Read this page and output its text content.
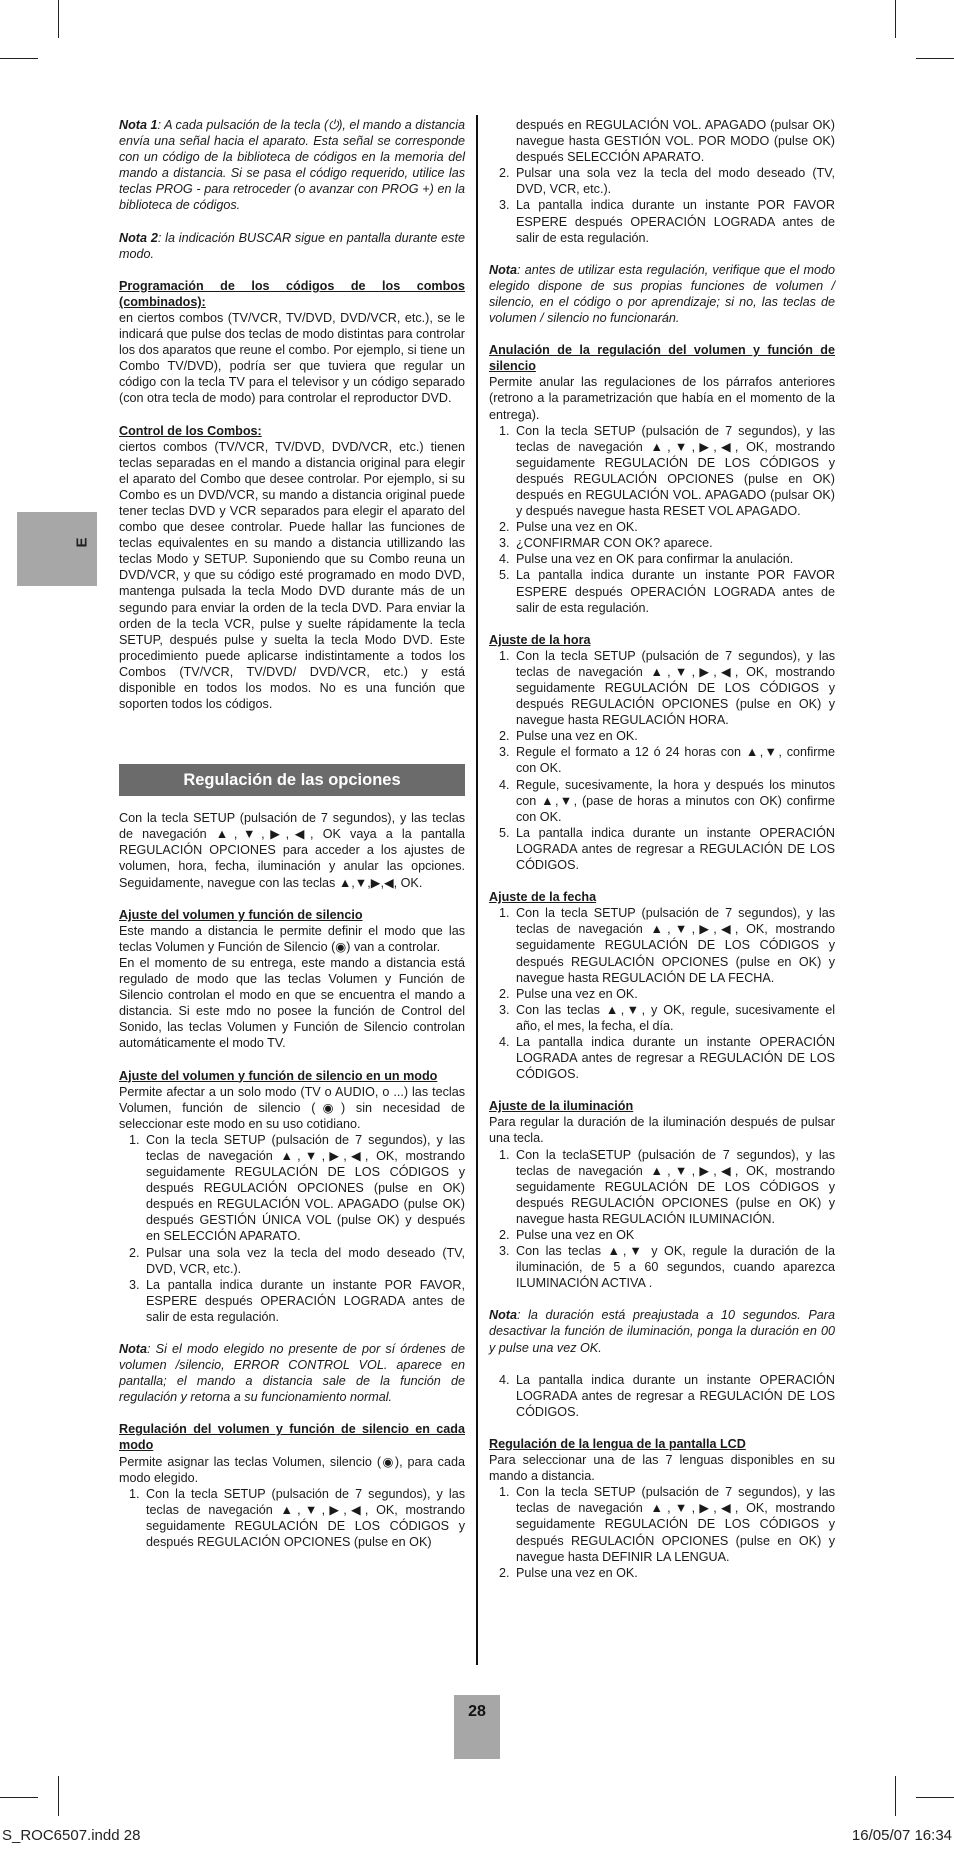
E

Nota 1: A cada pulsación de la tecla (⏻), el mando a distancia envía una señal hacia el aparato. Esta señal se corresponde con un código de la biblioteca de códigos en la memoria del mando a distancia. Si se pasa el código requerido, utilice las teclas PROG - para retroceder (o avanzar con PROG +) en la biblioteca de códigos.

Nota 2: la indicación BUSCAR sigue en pantalla durante este modo.

Programación de los códigos de los combos (combinados):

en ciertos combos (TV/VCR, TV/DVD, DVD/VCR, etc.), se le indicará que pulse dos teclas de modo distintas para controlar los dos aparatos que reune el combo. Por ejemplo, si tiene un Combo TV/DVD), podría ser que tuviera que regular un código con la tecla TV para el televisor y un código separado (con otra tecla de modo) para controlar el reproductor DVD.

Control de los Combos:

ciertos combos (TV/VCR, TV/DVD, DVD/VCR, etc.) tienen teclas separadas en el mando a distancia original para elegir el aparato del Combo que desee controlar. Por ejemplo, si su Combo es un DVD/VCR, su mando a distancia original puede tener teclas DVD y VCR separados para elegir el aparato del combo que desee controlar. Puede hallar las funciones de teclas equivalentes en su mando a distancia utillizando las teclas Modo y SETUP. Suponiendo que su Combo reuna un DVD/VCR, y que su código esté programado en modo DVD, mantenga pulsada la tecla Modo DVD durante más de un segundo para enviar la orden de la tecla DVD. Para enviar la orden de la tecla VCR, pulse y suelte rápidamente la tecla SETUP, después pulse y suelta la tecla Modo DVD. Este procedimiento puede aplicarse indistintamente a todos los Combos (TV/VCR, TV/DVD/ DVD/VCR, etc.) y está disponible en todos los modos. No es una función que soporten todos los códigos.

Regulación de las opciones

Con la tecla SETUP (pulsación de 7 segundos), y las teclas de navegación ▲,▼,▶,◀, OK vaya a la pantalla REGULACIÓN OPCIONES para acceder a los ajustes de volumen, hora, fecha, iluminación y anular las opciones. Seguidamente, navegue con las teclas ▲,▼,▶,◀, OK.

Ajuste del volumen y función de silencio

Este mando a distancia le permite definir el modo que las teclas Volumen y Función de Silencio (◉) van a controlar.

En el momento de su entrega, este mando a distancia está regulado de modo que las teclas Volumen y Función de Silencio controlan el modo en que se encuentra el mando a distancia. Si este mdo no posee la función de Control del Sonido, las teclas Volumen y Función de Silencio controlan automáticamente el modo TV.

Ajuste del volumen y función de silencio en un modo

Permite afectar a un solo modo (TV o AUDIO, o ...) las teclas Volumen, función de silencio (◉) sin necesidad de seleccionar este modo en su uso cotidiano.

1. Con la tecla SETUP (pulsación de 7 segundos), y las teclas de navegación ▲,▼,▶,◀, OK, mostrando seguidamente REGULACIÓN DE LOS CÓDIGOS y después REGULACIÓN OPCIONES (pulse en OK) después en REGULACIÓN VOL. APAGADO (pulse OK) después GESTIÓN ÚNICA VOL (pulse OK) y después en SELECCIÓN APARATO.
2. Pulsar una sola vez la tecla del modo deseado (TV, DVD, VCR, etc.).
3. La pantalla indica durante un instante POR FAVOR, ESPERE después OPERACIÓN LOGRADA antes de salir de esta regulación.

Nota: Si el modo elegido no presente de por sí órdenes de volumen /silencio, ERROR CONTROL VOL. aparece en pantalla; el mando a distancia sale de la función de regulación y retorna a su funcionamiento normal.

Regulación del volumen y función de silencio en cada modo

Permite asignar las teclas Volumen, silencio (◉), para cada modo elegido.

1. Con la tecla SETUP (pulsación de 7 segundos), y las teclas de navegación ▲,▼,▶,◀, OK, mostrando seguidamente REGULACIÓN DE LOS CÓDIGOS y después REGULACIÓN OPCIONES (pulse en OK)
después en REGULACIÓN VOL. APAGADO (pulsar OK) navegue hasta GESTIÓN VOL. POR MODO (pulse OK) después SELECCIÓN APARATO.
2. Pulsar una sola vez la tecla del modo deseado (TV, DVD, VCR, etc.).
3. La pantalla indica durante un instante POR FAVOR ESPERE después OPERACIÓN LOGRADA antes de salir de esta regulación.

Nota: antes de utilizar esta regulación, verifique que el modo elegido dispone de sus propias funciones de volumen / silencio, en el código o por aprendizaje; si no, las teclas de volumen / silencio no funcionarán.

Anulación de la regulación del volumen y función de silencio

Permite anular las regulaciones de los párrafos anteriores (retrono a la parametrización que había en el momento de la entrega).

1. Con la tecla SETUP (pulsación de 7 segundos), y las teclas de navegación ▲,▼,▶,◀, OK, mostrando seguidamente REGULACIÓN DE LOS CÓDIGOS y después REGULACIÓN OPCIONES (pulse en OK) después en REGULACIÓN VOL. APAGADO (pulsar OK) y después navegue hasta RESET VOL APAGADO.
2. Pulse una vez en OK.
3. ¿CONFIRMAR CON OK? aparece.
4. Pulse una vez en OK para confirmar la anulación.
5. La pantalla indica durante un instante POR FAVOR ESPERE después OPERACIÓN LOGRADA antes de salir de esta regulación.
Ajuste de la hora
1. Con la tecla SETUP (pulsación de 7 segundos), y las teclas de navegación ▲,▼,▶,◀, OK, mostrando seguidamente REGULACIÓN DE LOS CÓDIGOS y después REGULACIÓN OPCIONES (pulse en OK) y navegue hasta REGULACIÓN HORA.
2. Pulse una vez en OK.
3. Regule el formato a 12 ó 24 horas con ▲,▼, confirme con OK.
4. Regule, sucesivamente, la hora y después los minutos con ▲,▼, (pase de horas a minutos con OK) confirme con OK.
5. La pantalla indica durante un instante OPERACIÓN LOGRADA antes de regresar a REGULACIÓN DE LOS CÓDIGOS.
Ajuste de la fecha
1. Con la tecla SETUP (pulsación de 7 segundos), y las teclas de navegación ▲,▼,▶,◀, OK, mostrando seguidamente REGULACIÓN DE LOS CÓDIGOS y después REGULACIÓN OPCIONES (pulse en OK) y navegue hasta REGULACIÓN DE LA FECHA.
2. Pulse una vez en OK.
3. Con las teclas ▲,▼, y OK, regule, sucesivamente el año, el mes, la fecha, el día.
4. La pantalla indica durante un instante OPERACIÓN LOGRADA antes de regresar a REGULACIÓN DE LOS CÓDIGOS.
Ajuste de la iluminación

Para regular la duración de la iluminación después de pulsar una tecla.

1. Con la teclaSETUP (pulsación de 7 segundos), y las teclas de navegación ▲,▼,▶,◀, OK, mostrando seguidamente REGULACIÓN DE LOS CÓDIGOS y después REGULACIÓN OPCIONES (pulse en OK) y navegue hasta REGULACIÓN ILUMINACIÓN.
2. Pulse una vez en OK
3. Con las teclas ▲,▼ y OK, regule la duración de la iluminación, de 5 a 60 segundos, cuando aparezca ILUMINACIÓN ACTIVA .

Nota: la duración está preajustada a 10 segundos. Para desactivar la función de iluminación, ponga la duración en 00 y pulse una vez OK.

4. La pantalla indica durante un instante OPERACIÓN LOGRADA antes de regresar a REGULACIÓN DE LOS CÓDIGOS.
Regulación de la lengua de la pantalla LCD

Para seleccionar una de las 7 lenguas disponibles en su mando a distancia.

1. Con la tecla SETUP (pulsación de 7 segundos), y las teclas de navegación ▲,▼,▶,◀, OK, mostrando seguidamente REGULACIÓN DE LOS CÓDIGOS y después REGULACIÓN OPCIONES (pulse en OK) y navegue hasta DEFINIR LA LENGUA.
2. Pulse una vez en OK.
28
S_ROC6507.indd 28	16/05/07 16:34
